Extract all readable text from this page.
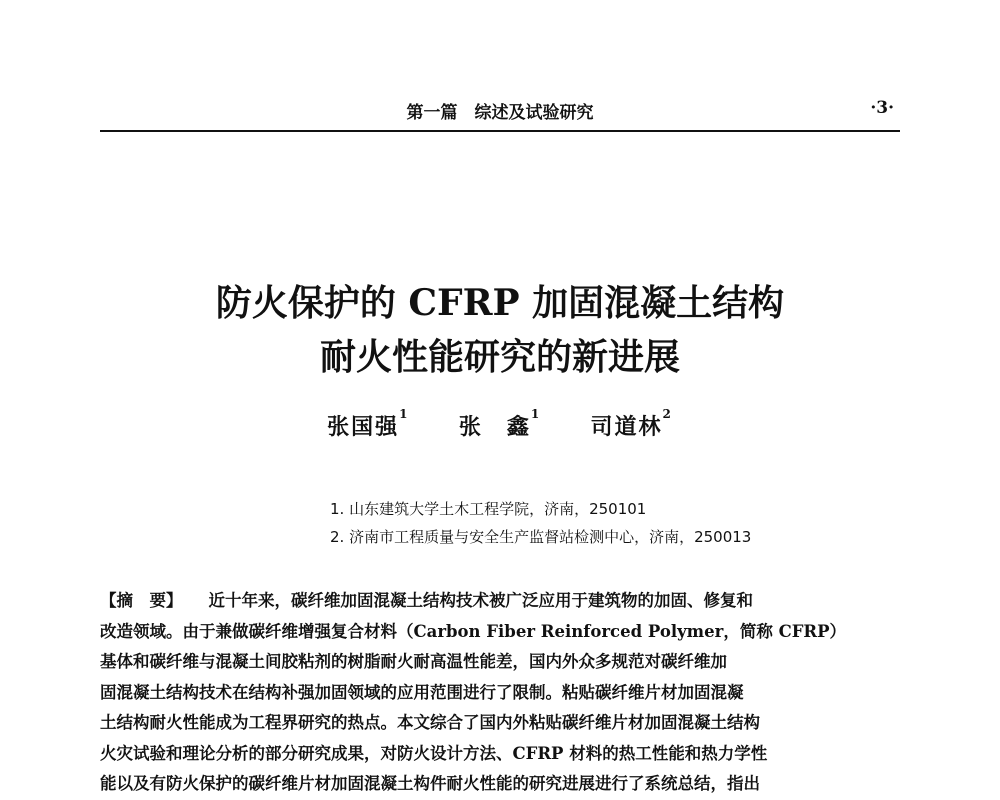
第一篇　综述及试验研究	·3·
防火保护的 CFRP 加固混凝土结构
耐火性能研究的新进展
张国强$^1$ 张　鑫$^1$ 司道林$^2$
1. 山东建筑大学土木工程学院，济南，250101
2. 济南市工程质量与安全生产监督站检测中心，济南，250013
【摘　要】 近十年来，碳纤维加固混凝土结构技术被广泛应用于建筑物的加固、修复和
改造领域。由于兼做碳纤维增强复合材料（Carbon Fiber Reinforced Polymer，简称 CFRP）
基体和碳纤维与混凝土间胶粘剂的树脂耐火耐高温性能差，国内外众多规范对碳纤维加
固混凝土结构技术在结构补强加固领域的应用范围进行了限制。粘贴碳纤维片材加固混凝
土结构耐火性能成为工程界研究的热点。本文综合了国内外粘贴碳纤维片材加固混凝土结构
火灾试验和理论分析的部分研究成果，对防火设计方法、CFRP 材料的热工性能和热力学性
能以及有防火保护的碳纤维片材加固混凝土构件耐火性能的研究进展进行了系统总结，指出
